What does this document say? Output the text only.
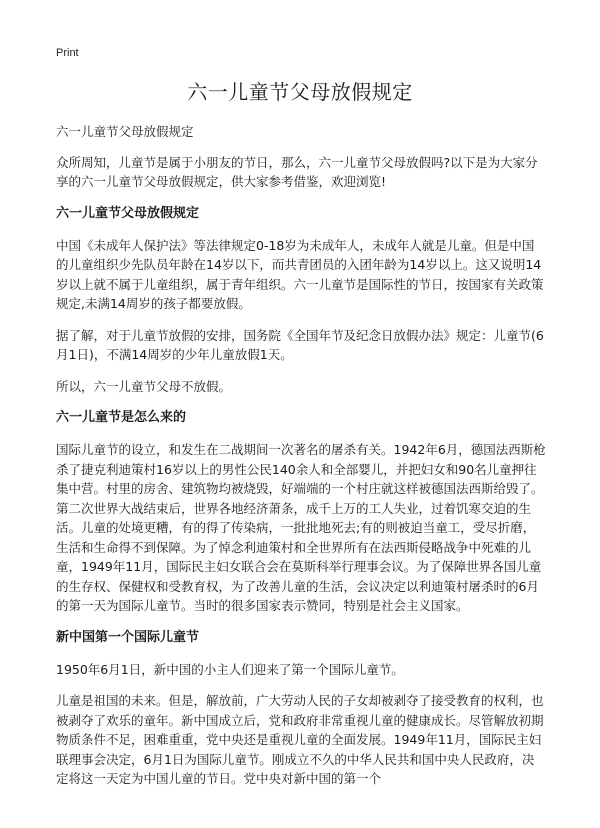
Print
六一儿童节父母放假规定

六一儿童节父母放假规定

众所周知，儿童节是属于小朋友的节日，那么，六一儿童节父母放假吗?以下是为大家分享的六一儿童节父母放假规定，供大家参考借鉴，欢迎浏览!

六一儿童节父母放假规定

中国《未成年人保护法》等法律规定0-18岁为未成年人，未成年人就是儿童。但是中国的儿童组织少先队员年龄在14岁以下，而共青团员的入团年龄为14岁以上。这又说明14岁以上就不属于儿童组织，属于青年组织。六一儿童节是国际性的节日，按国家有关政策规定,未满14周岁的孩子都要放假。

据了解，对于儿童节放假的安排，国务院《全国年节及纪念日放假办法》规定：儿童节(6月1日)，不满14周岁的少年儿童放假1天。

所以，六一儿童节父母不放假。

六一儿童节是怎么来的

国际儿童节的设立，和发生在二战期间一次著名的屠杀有关。1942年6月，德国法西斯枪杀了捷克利迪策村16岁以上的男性公民140余人和全部婴儿，并把妇女和90名儿童押往集中营。村里的房舍、建筑物均被烧毁，好端端的一个村庄就这样被德国法西斯给毁了。第二次世界大战结束后，世界各地经济萧条，成千上万的工人失业，过着饥寒交迫的生活。儿童的处境更糟，有的得了传染病，一批批地死去;有的则被迫当童工，受尽折磨，生活和生命得不到保障。为了悼念利迪策村和全世界所有在法西斯侵略战争中死难的儿童，1949年11月，国际民主妇女联合会在莫斯科举行理事会议。为了保障世界各国儿童的生存权、保健权和受教育权，为了改善儿童的生活，会议决定以利迪策村屠杀时的6月的第一天为国际儿童节。当时的很多国家表示赞同，特别是社会主义国家。

新中国第一个国际儿童节

1950年6月1日，新中国的小主人们迎来了第一个国际儿童节。

儿童是祖国的未来。但是，解放前，广大劳动人民的子女却被剥夺了接受教育的权利，也被剥夺了欢乐的童年。新中国成立后，党和政府非常重视儿童的健康成长。尽管解放初期物质条件不足，困难重重，党中央还是重视儿童的全面发展。1949年11月，国际民主妇联理事会决定，6月1日为国际儿童节。刚成立不久的中华人民共和国中央人民政府，决定将这一天定为中国儿童的节日。党中央对新中国的第一个
